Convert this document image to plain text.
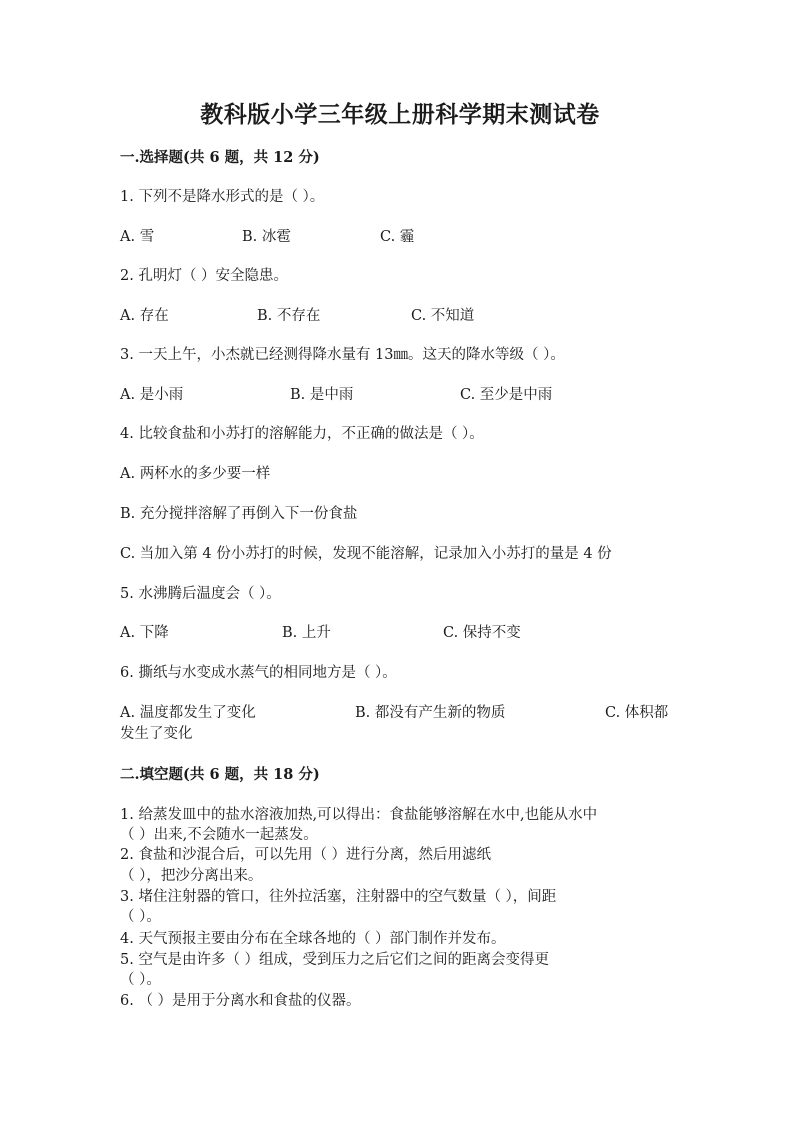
教科版小学三年级上册科学期末测试卷
一.选择题(共 6 题，共 12 分)
1. 下列不是降水形式的是（ ）。
A. 雪	B. 冰雹	C. 霾
2. 孔明灯（ ）安全隐患。
A. 存在	B. 不存在	C. 不知道
3. 一天上午，小杰就已经测得降水量有 13㎜。这天的降水等级（ ）。
A. 是小雨	B. 是中雨	C. 至少是中雨
4. 比较食盐和小苏打的溶解能力，不正确的做法是（ ）。
A. 两杯水的多少要一样
B. 充分搅拌溶解了再倒入下一份食盐
C. 当加入第 4 份小苏打的时候，发现不能溶解，记录加入小苏打的量是 4 份
5. 水沸腾后温度会（ ）。
A. 下降	B. 上升	C. 保持不变
6. 撕纸与水变成水蒸气的相同地方是（ ）。
A. 温度都发生了变化	B. 都没有产生新的物质	C. 体积都
发生了变化
二.填空题(共 6 题，共 18 分)
1. 给蒸发皿中的盐水溶液加热,可以得出：食盐能够溶解在水中,也能从水中
（ ）出来,不会随水一起蒸发。
2. 食盐和沙混合后，可以先用（ ）进行分离，然后用滤纸
（ ），把沙分离出来。
3. 堵住注射器的管口，往外拉活塞，注射器中的空气数量（ ），间距
（ ）。
4. 天气预报主要由分布在全球各地的（ ）部门制作并发布。
5. 空气是由许多（ ）组成，受到压力之后它们之间的距离会变得更
（ ）。
6. （ ）是用于分离水和食盐的仪器。
